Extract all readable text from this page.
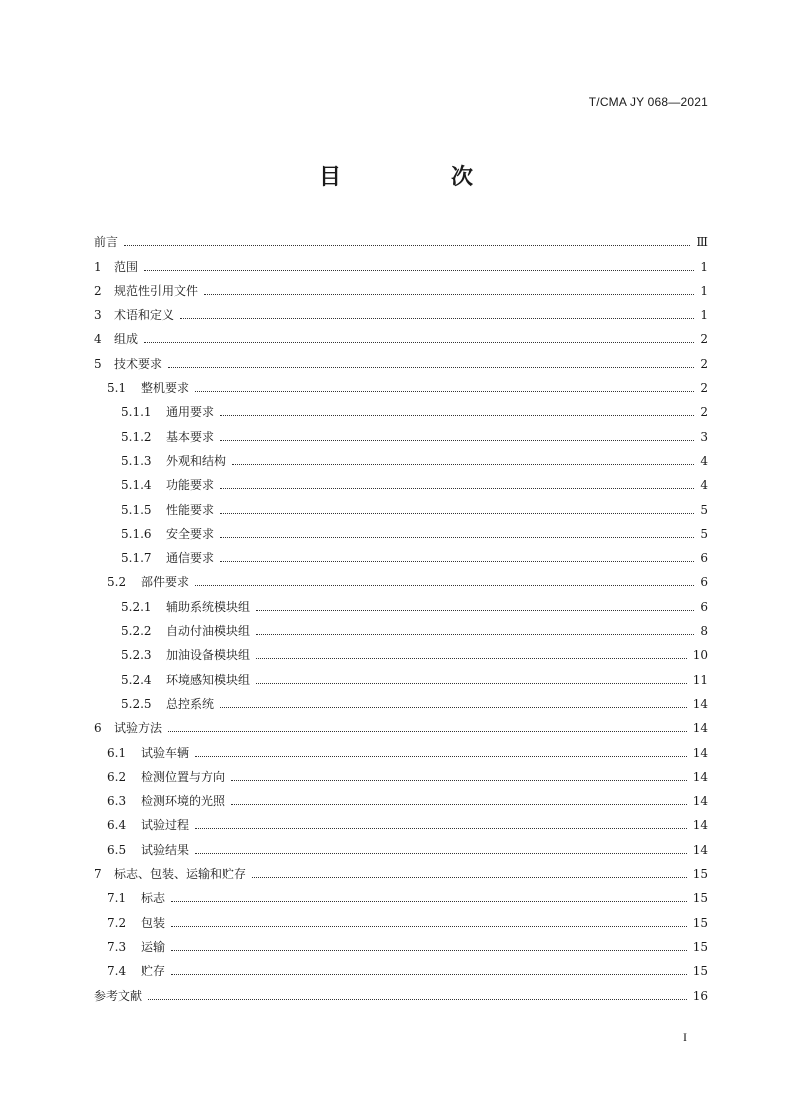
T/CMA JY 068—2021
目　次
前言	Ⅲ
1	范围	1
2	规范性引用文件	1
3	术语和定义	1
4	组成	2
5	技术要求	2
5.1	整机要求	2
5.1.1	通用要求	2
5.1.2	基本要求	3
5.1.3	外观和结构	4
5.1.4	功能要求	4
5.1.5	性能要求	5
5.1.6	安全要求	5
5.1.7	通信要求	6
5.2	部件要求	6
5.2.1	辅助系统模块组	6
5.2.2	自动付油模块组	8
5.2.3	加油设备模块组	10
5.2.4	环境感知模块组	11
5.2.5	总控系统	14
6	试验方法	14
6.1	试验车辆	14
6.2	检测位置与方向	14
6.3	检测环境的光照	14
6.4	试验过程	14
6.5	试验结果	14
7	标志、包装、运输和贮存	15
7.1	标志	15
7.2	包装	15
7.3	运输	15
7.4	贮存	15
参考文献	16
I
